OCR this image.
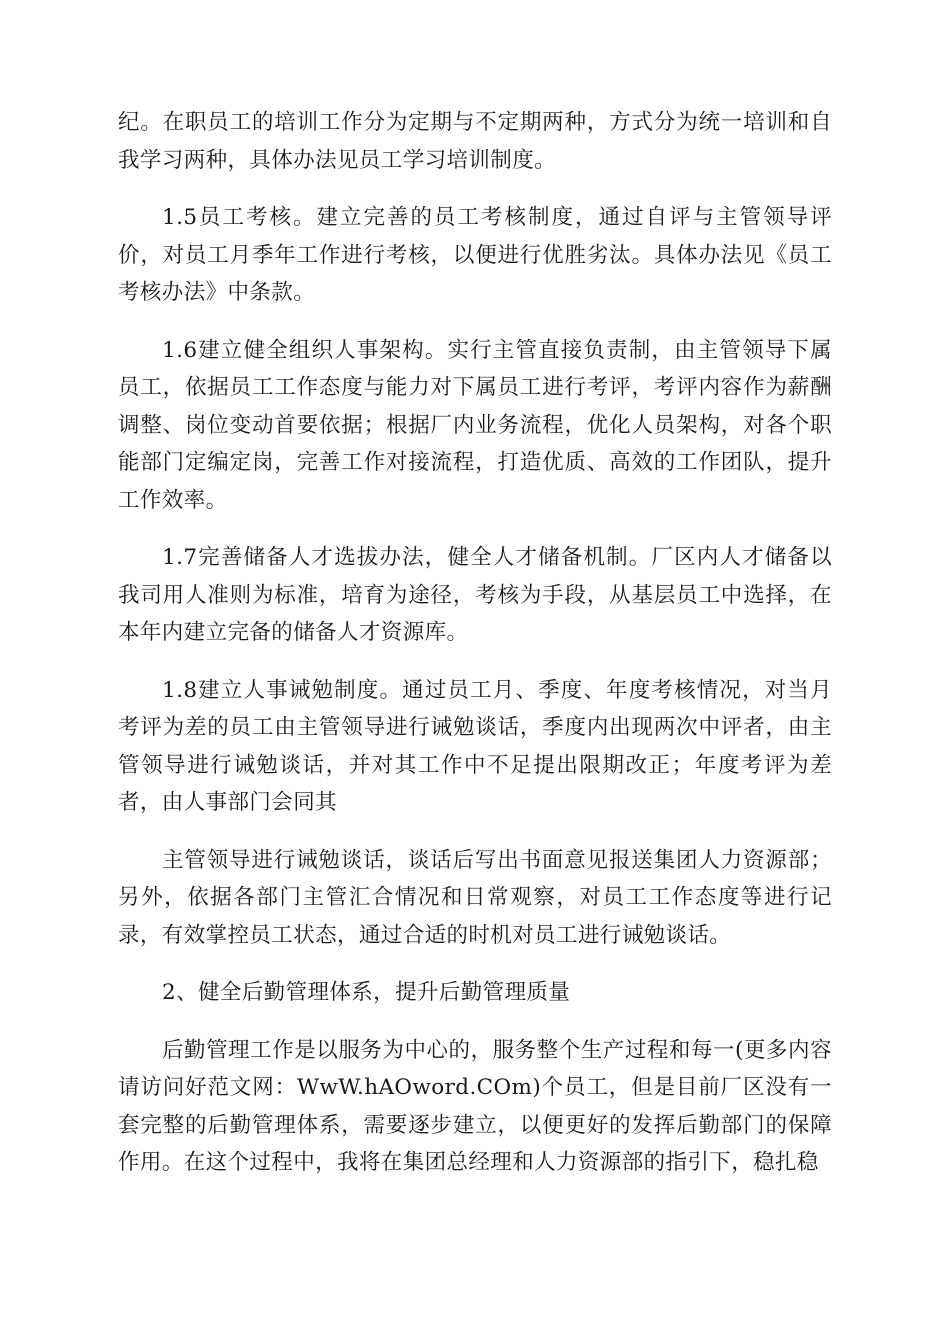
纪。在职员工的培训工作分为定期与不定期两种，方式分为统一培训和自我学习两种，具体办法见员工学习培训制度。

1.5员工考核。建立完善的员工考核制度，通过自评与主管领导评价，对员工月季年工作进行考核，以便进行优胜劣汰。具体办法见《员工考核办法》中条款。

1.6建立健全组织人事架构。实行主管直接负责制，由主管领导下属员工，依据员工工作态度与能力对下属员工进行考评，考评内容作为薪酬调整、岗位变动首要依据；根据厂内业务流程，优化人员架构，对各个职能部门定编定岗，完善工作对接流程，打造优质、高效的工作团队，提升工作效率。

1.7完善储备人才选拔办法，健全人才储备机制。厂区内人才储备以我司用人准则为标准，培育为途径，考核为手段，从基层员工中选择，在本年内建立完备的储备人才资源库。

1.8建立人事诫勉制度。通过员工月、季度、年度考核情况，对当月考评为差的员工由主管领导进行诫勉谈话，季度内出现两次中评者，由主管领导进行诫勉谈话，并对其工作中不足提出限期改正；年度考评为差者，由人事部门会同其

主管领导进行诫勉谈话，谈话后写出书面意见报送集团人力资源部；另外，依据各部门主管汇合情况和日常观察，对员工工作态度等进行记录，有效掌控员工状态，通过合适的时机对员工进行诫勉谈话。

2、健全后勤管理体系，提升后勤管理质量

后勤管理工作是以服务为中心的，服务整个生产过程和每一(更多内容请访问好范文网：WwW.hAOword.COm)个员工，但是目前厂区没有一套完整的后勤管理体系，需要逐步建立，以便更好的发挥后勤部门的保障作用。在这个过程中，我将在集团总经理和人力资源部的指引下，稳扎稳
